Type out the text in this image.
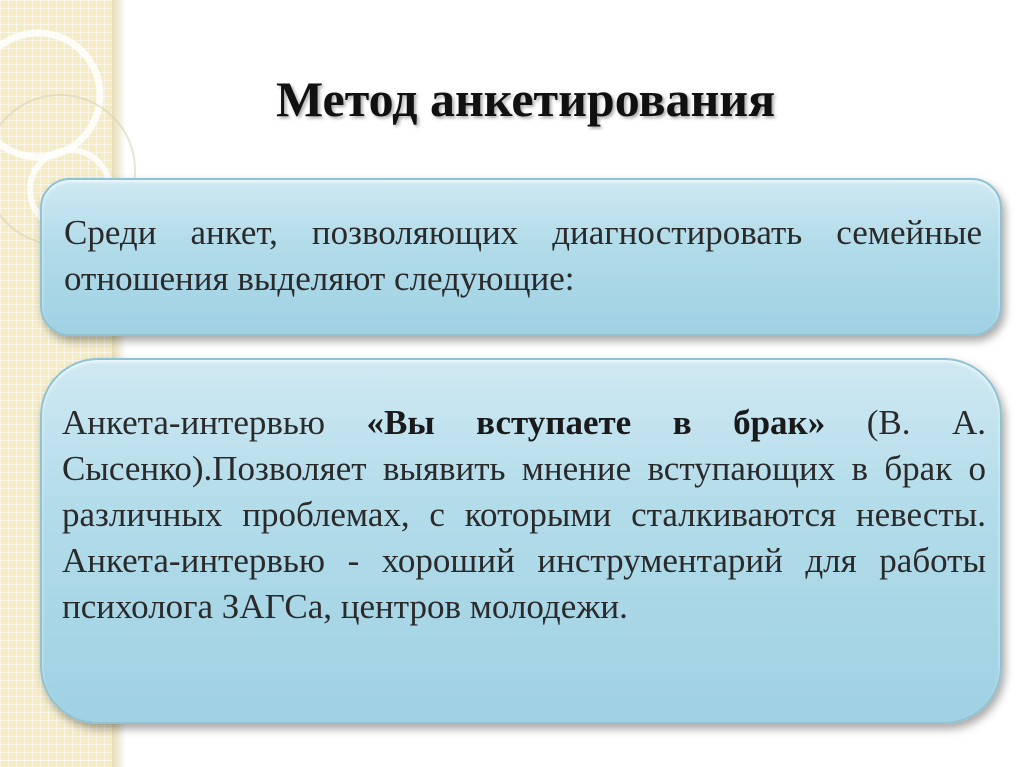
Метод анкетирования

Среди анкет, позволяющих диагностировать семейные отношения выделяют следующие:

Анкета-интервью «Вы вступаете в брак» (В. А. Сысенко).Позволяет выявить мнение вступающих в брак о различных проблемах, с которыми сталкиваются невесты. Анкета-интервью - хороший инструментарий для работы психолога ЗАГСа, центров молодежи.
